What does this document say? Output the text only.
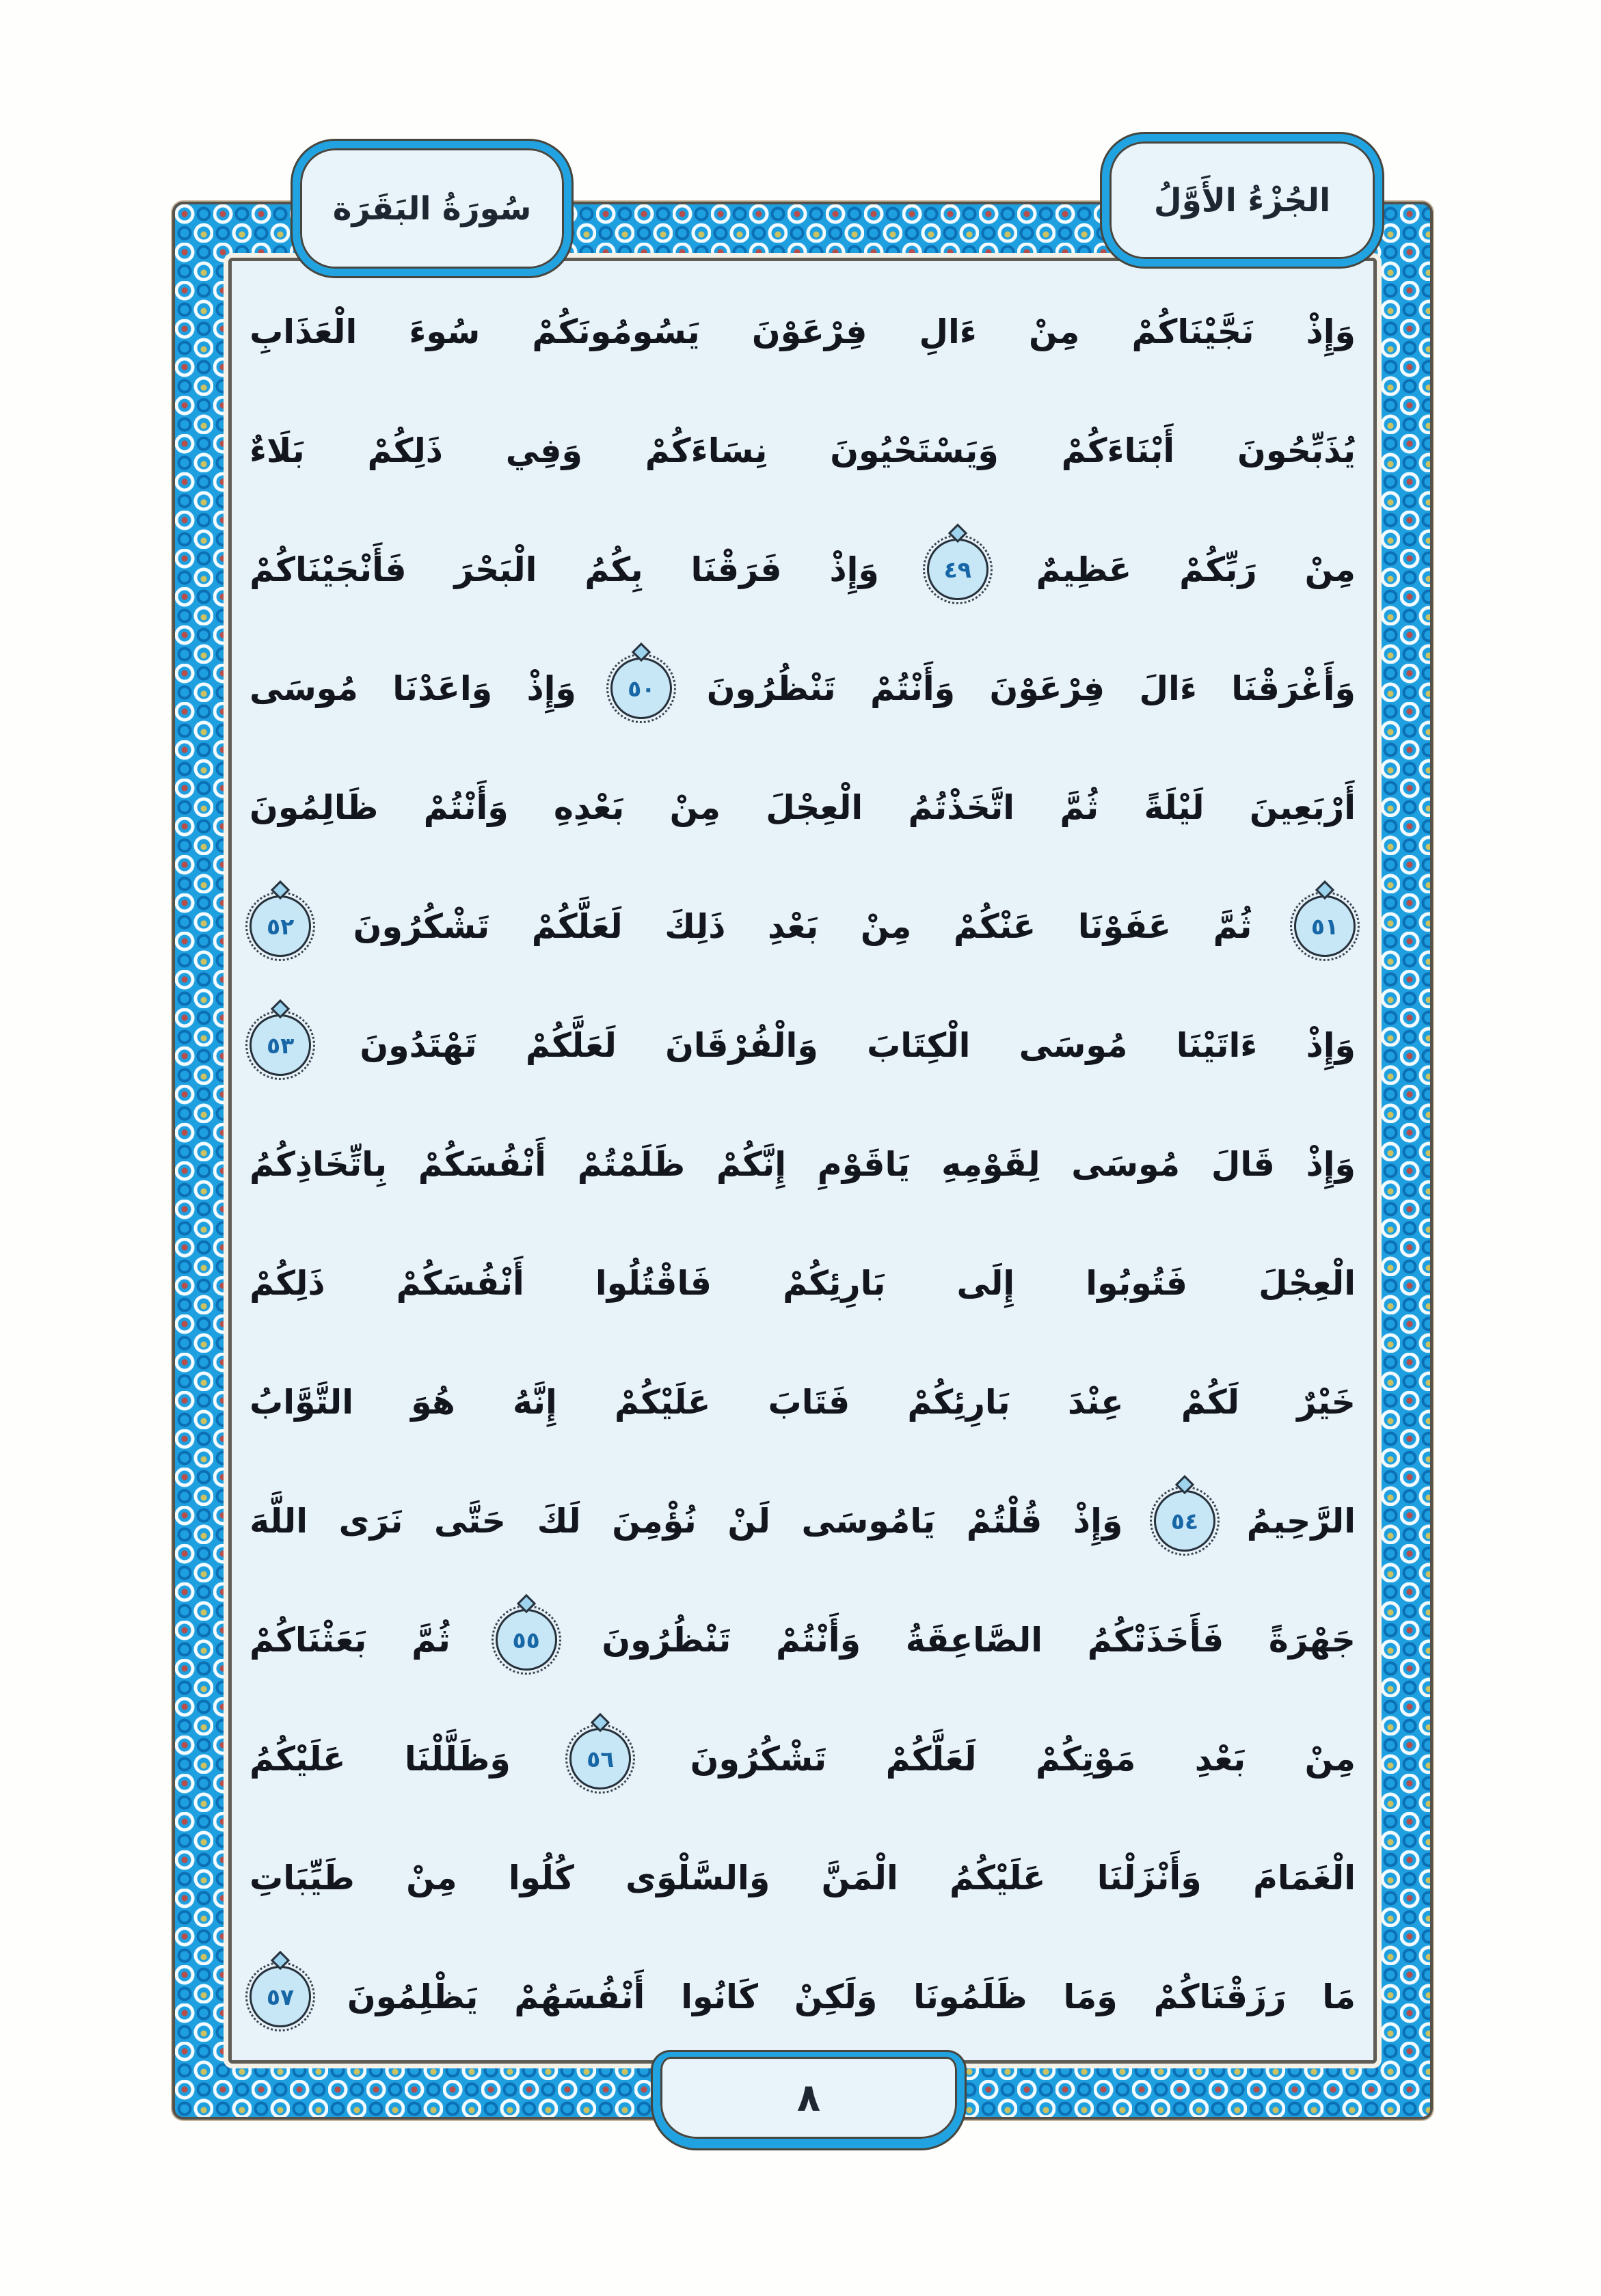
وَإِذْ
نَجَّيْنَاكُمْ
مِنْ
ءَالِ
فِرْعَوْنَ
يَسُومُونَكُمْ
سُوءَ
الْعَذَابِ
يُذَبِّحُونَ
أَبْنَاءَكُمْ
وَيَسْتَحْيُونَ
نِسَاءَكُمْ
وَفِي
ذَلِكُمْ
بَلَاءٌ
مِنْ
رَبِّكُمْ
عَظِيمٌ
٤٩
وَإِذْ
فَرَقْنَا
بِكُمُ
الْبَحْرَ
فَأَنْجَيْنَاكُمْ
وَأَغْرَقْنَا
ءَالَ
فِرْعَوْنَ
وَأَنْتُمْ
تَنْظُرُونَ
٥٠
وَإِذْ
وَاعَدْنَا
مُوسَى
أَرْبَعِينَ
لَيْلَةً
ثُمَّ
اتَّخَذْتُمُ
الْعِجْلَ
مِنْ
بَعْدِهِ
وَأَنْتُمْ
ظَالِمُونَ
٥١
ثُمَّ
عَفَوْنَا
عَنْكُمْ
مِنْ
بَعْدِ
ذَلِكَ
لَعَلَّكُمْ
تَشْكُرُونَ
٥٢
وَإِذْ
ءَاتَيْنَا
مُوسَى
الْكِتَابَ
وَالْفُرْقَانَ
لَعَلَّكُمْ
تَهْتَدُونَ
٥٣
وَإِذْ
قَالَ
مُوسَى
لِقَوْمِهِ
يَاقَوْمِ
إِنَّكُمْ
ظَلَمْتُمْ
أَنْفُسَكُمْ
بِاتِّخَاذِكُمُ
الْعِجْلَ
فَتُوبُوا
إِلَى
بَارِئِكُمْ
فَاقْتُلُوا
أَنْفُسَكُمْ
ذَلِكُمْ
خَيْرٌ
لَكُمْ
عِنْدَ
بَارِئِكُمْ
فَتَابَ
عَلَيْكُمْ
إِنَّهُ
هُوَ
التَّوَّابُ
الرَّحِيمُ
٥٤
وَإِذْ
قُلْتُمْ
يَامُوسَى
لَنْ
نُؤْمِنَ
لَكَ
حَتَّى
نَرَى
اللَّهَ
جَهْرَةً
فَأَخَذَتْكُمُ
الصَّاعِقَةُ
وَأَنْتُمْ
تَنْظُرُونَ
٥٥
ثُمَّ
بَعَثْنَاكُمْ
مِنْ
بَعْدِ
مَوْتِكُمْ
لَعَلَّكُمْ
تَشْكُرُونَ
٥٦
وَظَلَّلْنَا
عَلَيْكُمُ
الْغَمَامَ
وَأَنْزَلْنَا
عَلَيْكُمُ
الْمَنَّ
وَالسَّلْوَى
كُلُوا
مِنْ
طَيِّبَاتِ
مَا
رَزَقْنَاكُمْ
وَمَا
ظَلَمُونَا
وَلَكِنْ
كَانُوا
أَنْفُسَهُمْ
يَظْلِمُونَ
٥٧
سُورَةُ البَقَرَة	الجُزْءُ الأَوَّلُ
٨
